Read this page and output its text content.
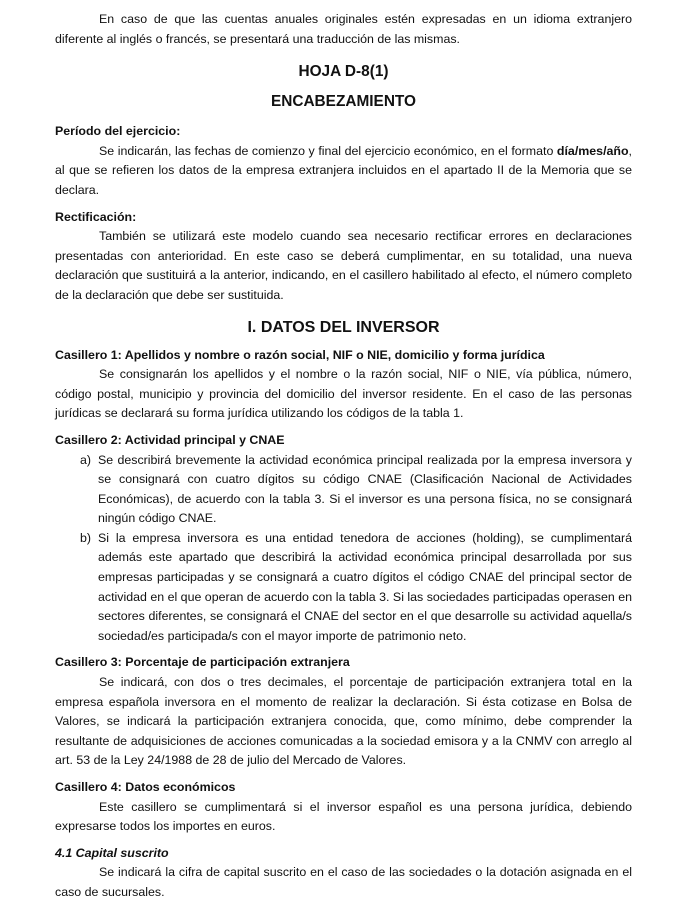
En caso de que las cuentas anuales originales estén expresadas en un idioma extranjero diferente al inglés o francés, se presentará una traducción de las mismas.

HOJA D-8(1)
ENCABEZAMIENTO
Período del ejercicio:

Se indicarán, las fechas de comienzo y final del ejercicio económico, en el formato día/mes/año, al que se refieren los datos de la empresa extranjera incluidos en el apartado II de la Memoria que se declara.

Rectificación:

También se utilizará este modelo cuando sea necesario rectificar errores en declaraciones presentadas con anterioridad. En este caso se deberá cumplimentar, en su totalidad, una nueva declaración que sustituirá a la anterior, indicando, en el casillero habilitado al efecto, el número completo de la declaración que debe ser sustituida.

I. DATOS DEL INVERSOR
Casillero 1: Apellidos y nombre o razón social, NIF o NIE, domicilio y forma jurídica

Se consignarán los apellidos y el nombre o la razón social, NIF o NIE, vía pública, número, código postal, municipio y provincia del domicilio del inversor residente. En el caso de las personas jurídicas se declarará su forma jurídica utilizando los códigos de la tabla 1.

Casillero 2: Actividad principal y CNAE
a) Se describirá brevemente la actividad económica principal realizada por la empresa inversora y se consignará con cuatro dígitos su código CNAE (Clasificación Nacional de Actividades Económicas), de acuerdo con la tabla 3. Si el inversor es una persona física, no se consignará ningún código CNAE.
b) Si la empresa inversora es una entidad tenedora de acciones (holding), se cumplimentará además este apartado que describirá la actividad económica principal desarrollada por sus empresas participadas y se consignará a cuatro dígitos el código CNAE del principal sector de actividad en el que operan de acuerdo con la tabla 3. Si las sociedades participadas operasen en sectores diferentes, se consignará el CNAE del sector en el que desarrolle su actividad aquella/s sociedad/es participada/s con el mayor importe de patrimonio neto.
Casillero 3: Porcentaje de participación extranjera

Se indicará, con dos o tres decimales, el porcentaje de participación extranjera total en la empresa española inversora en el momento de realizar la declaración. Si ésta cotizase en Bolsa de Valores, se indicará la participación extranjera conocida, que, como mínimo, debe comprender la resultante de adquisiciones de acciones comunicadas a la sociedad emisora y a la CNMV con arreglo al art. 53 de la Ley 24/1988 de 28 de julio del Mercado de Valores.

Casillero 4: Datos económicos

Este casillero se cumplimentará si el inversor español es una persona jurídica, debiendo expresarse todos los importes en euros.

4.1 Capital suscrito

Se indicará la cifra de capital suscrito en el caso de las sociedades o la dotación asignada en el caso de sucursales.
